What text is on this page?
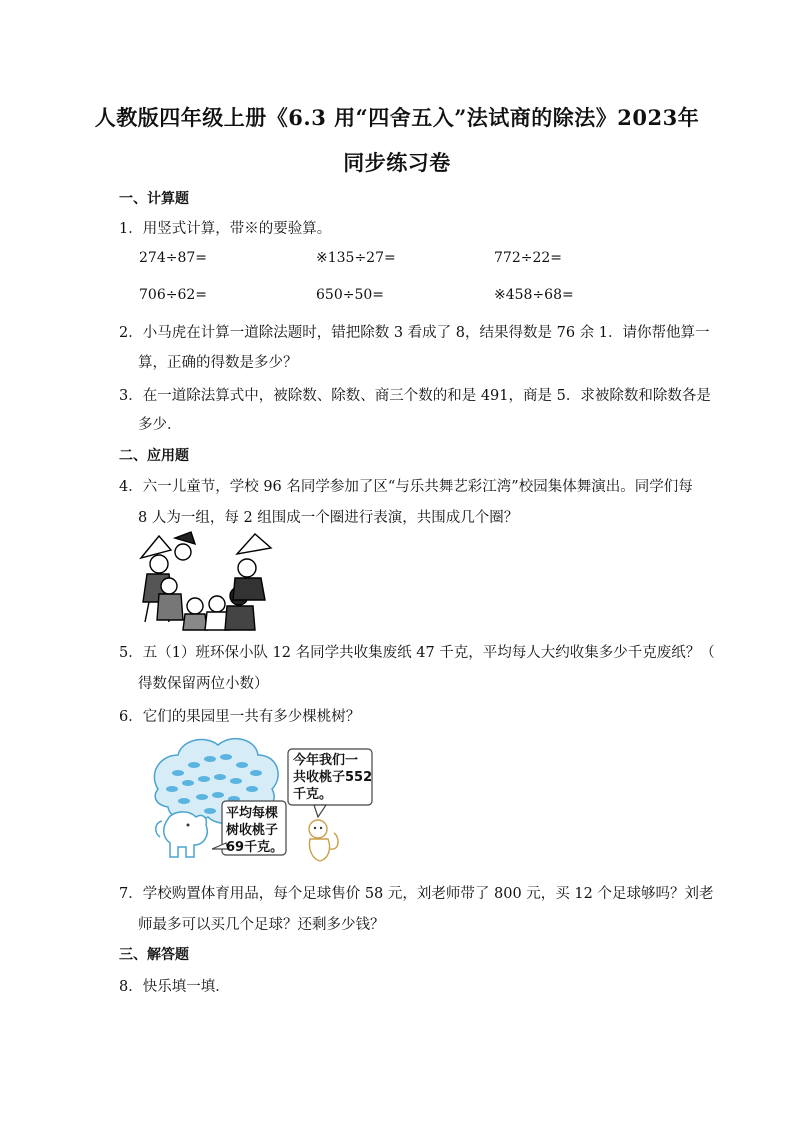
人教版四年级上册《6.3 用“四舍五入”法试商的除法》2023年
同步练习卷
一、计算题
1．用竖式计算，带※的要验算。
274÷87=	※135÷27=	772÷22=
706÷62=	650÷50=	※458÷68=
2．小马虎在计算一道除法题时，错把除数 3 看成了 8，结果得数是 76 余 1．请你帮他算一
算，正确的得数是多少？
3．在一道除法算式中，被除数、除数、商三个数的和是 491，商是 5．求被除数和除数各是
多少．
二、应用题
4．六一儿童节，学校 96 名同学参加了区“与乐共舞艺彩江湾”校园集体舞演出。同学们每
8 人为一组，每 2 组围成一个圈进行表演，共围成几个圈？
5．五（1）班环保小队 12 名同学共收集废纸 47 千克，平均每人大约收集多少千克废纸？（
得数保留两位小数）
6．它们的果园里一共有多少棵桃树？
今年我们一
共收桃子552
千克。
平均每棵
树收桃子
69千克。
7．学校购置体育用品，每个足球售价 58 元，刘老师带了 800 元，买 12 个足球够吗？刘老
师最多可以买几个足球？还剩多少钱？
三、解答题
8．快乐填一填．
